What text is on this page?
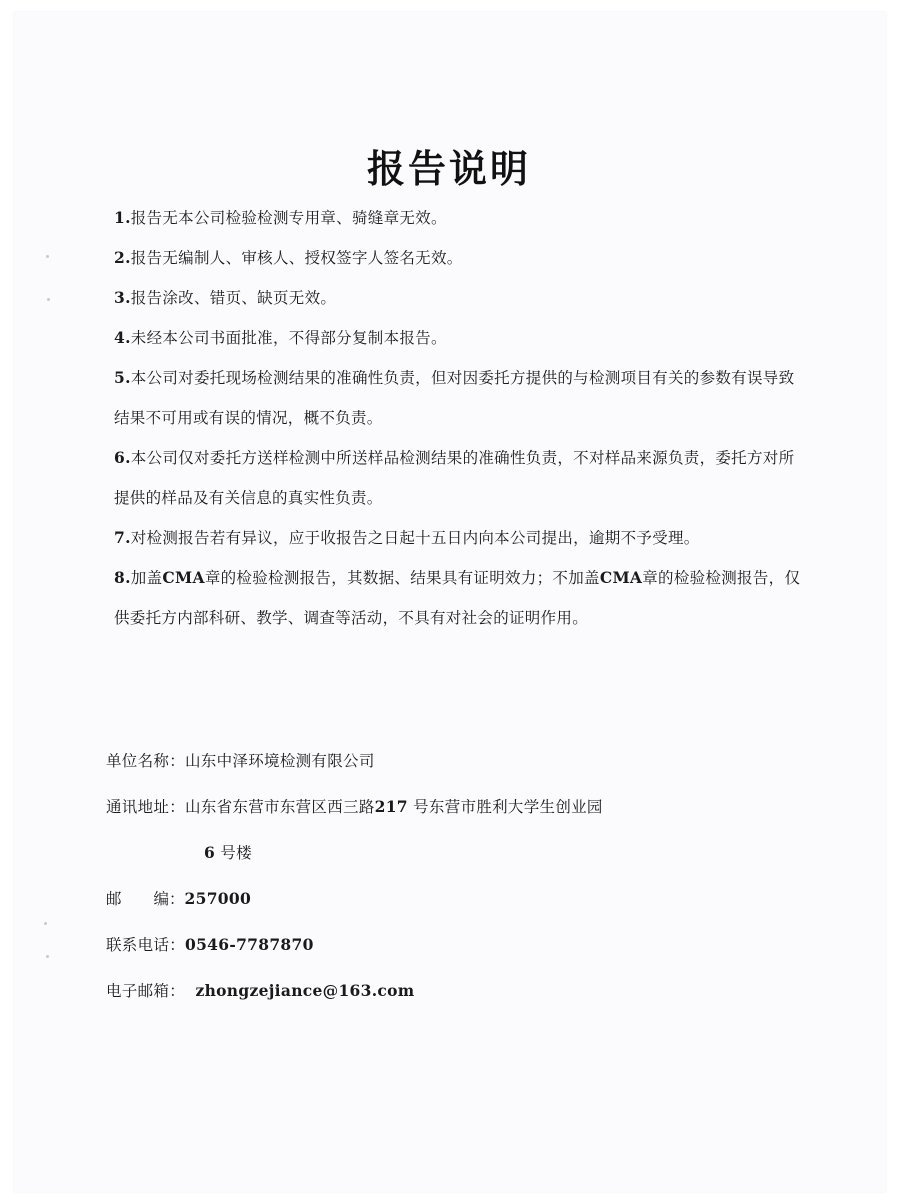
报告说明

1.报告无本公司检验检测专用章、骑缝章无效。

2.报告无编制人、审核人、授权签字人签名无效。

3.报告涂改、错页、缺页无效。

4.未经本公司书面批准，不得部分复制本报告。

5.本公司对委托现场检测结果的准确性负责，但对因委托方提供的与检测项目有关的参数有误导致结果不可用或有误的情况，概不负责。

6.本公司仅对委托方送样检测中所送样品检测结果的准确性负责，不对样品来源负责，委托方对所提供的样品及有关信息的真实性负责。

7.对检测报告若有异议，应于收报告之日起十五日内向本公司提出，逾期不予受理。

8.加盖CMA章的检验检测报告，其数据、结果具有证明效力；不加盖CMA章的检验检测报告，仅供委托方内部科研、教学、调查等活动，不具有对社会的证明作用。

单位名称：山东中泽环境检测有限公司
通讯地址：山东省东营市东营区西三路217 号东营市胜利大学生创业园
6 号楼
邮 编：257000
联系电话：0546-7787870
电子邮箱： zhongzejiance@163.com
